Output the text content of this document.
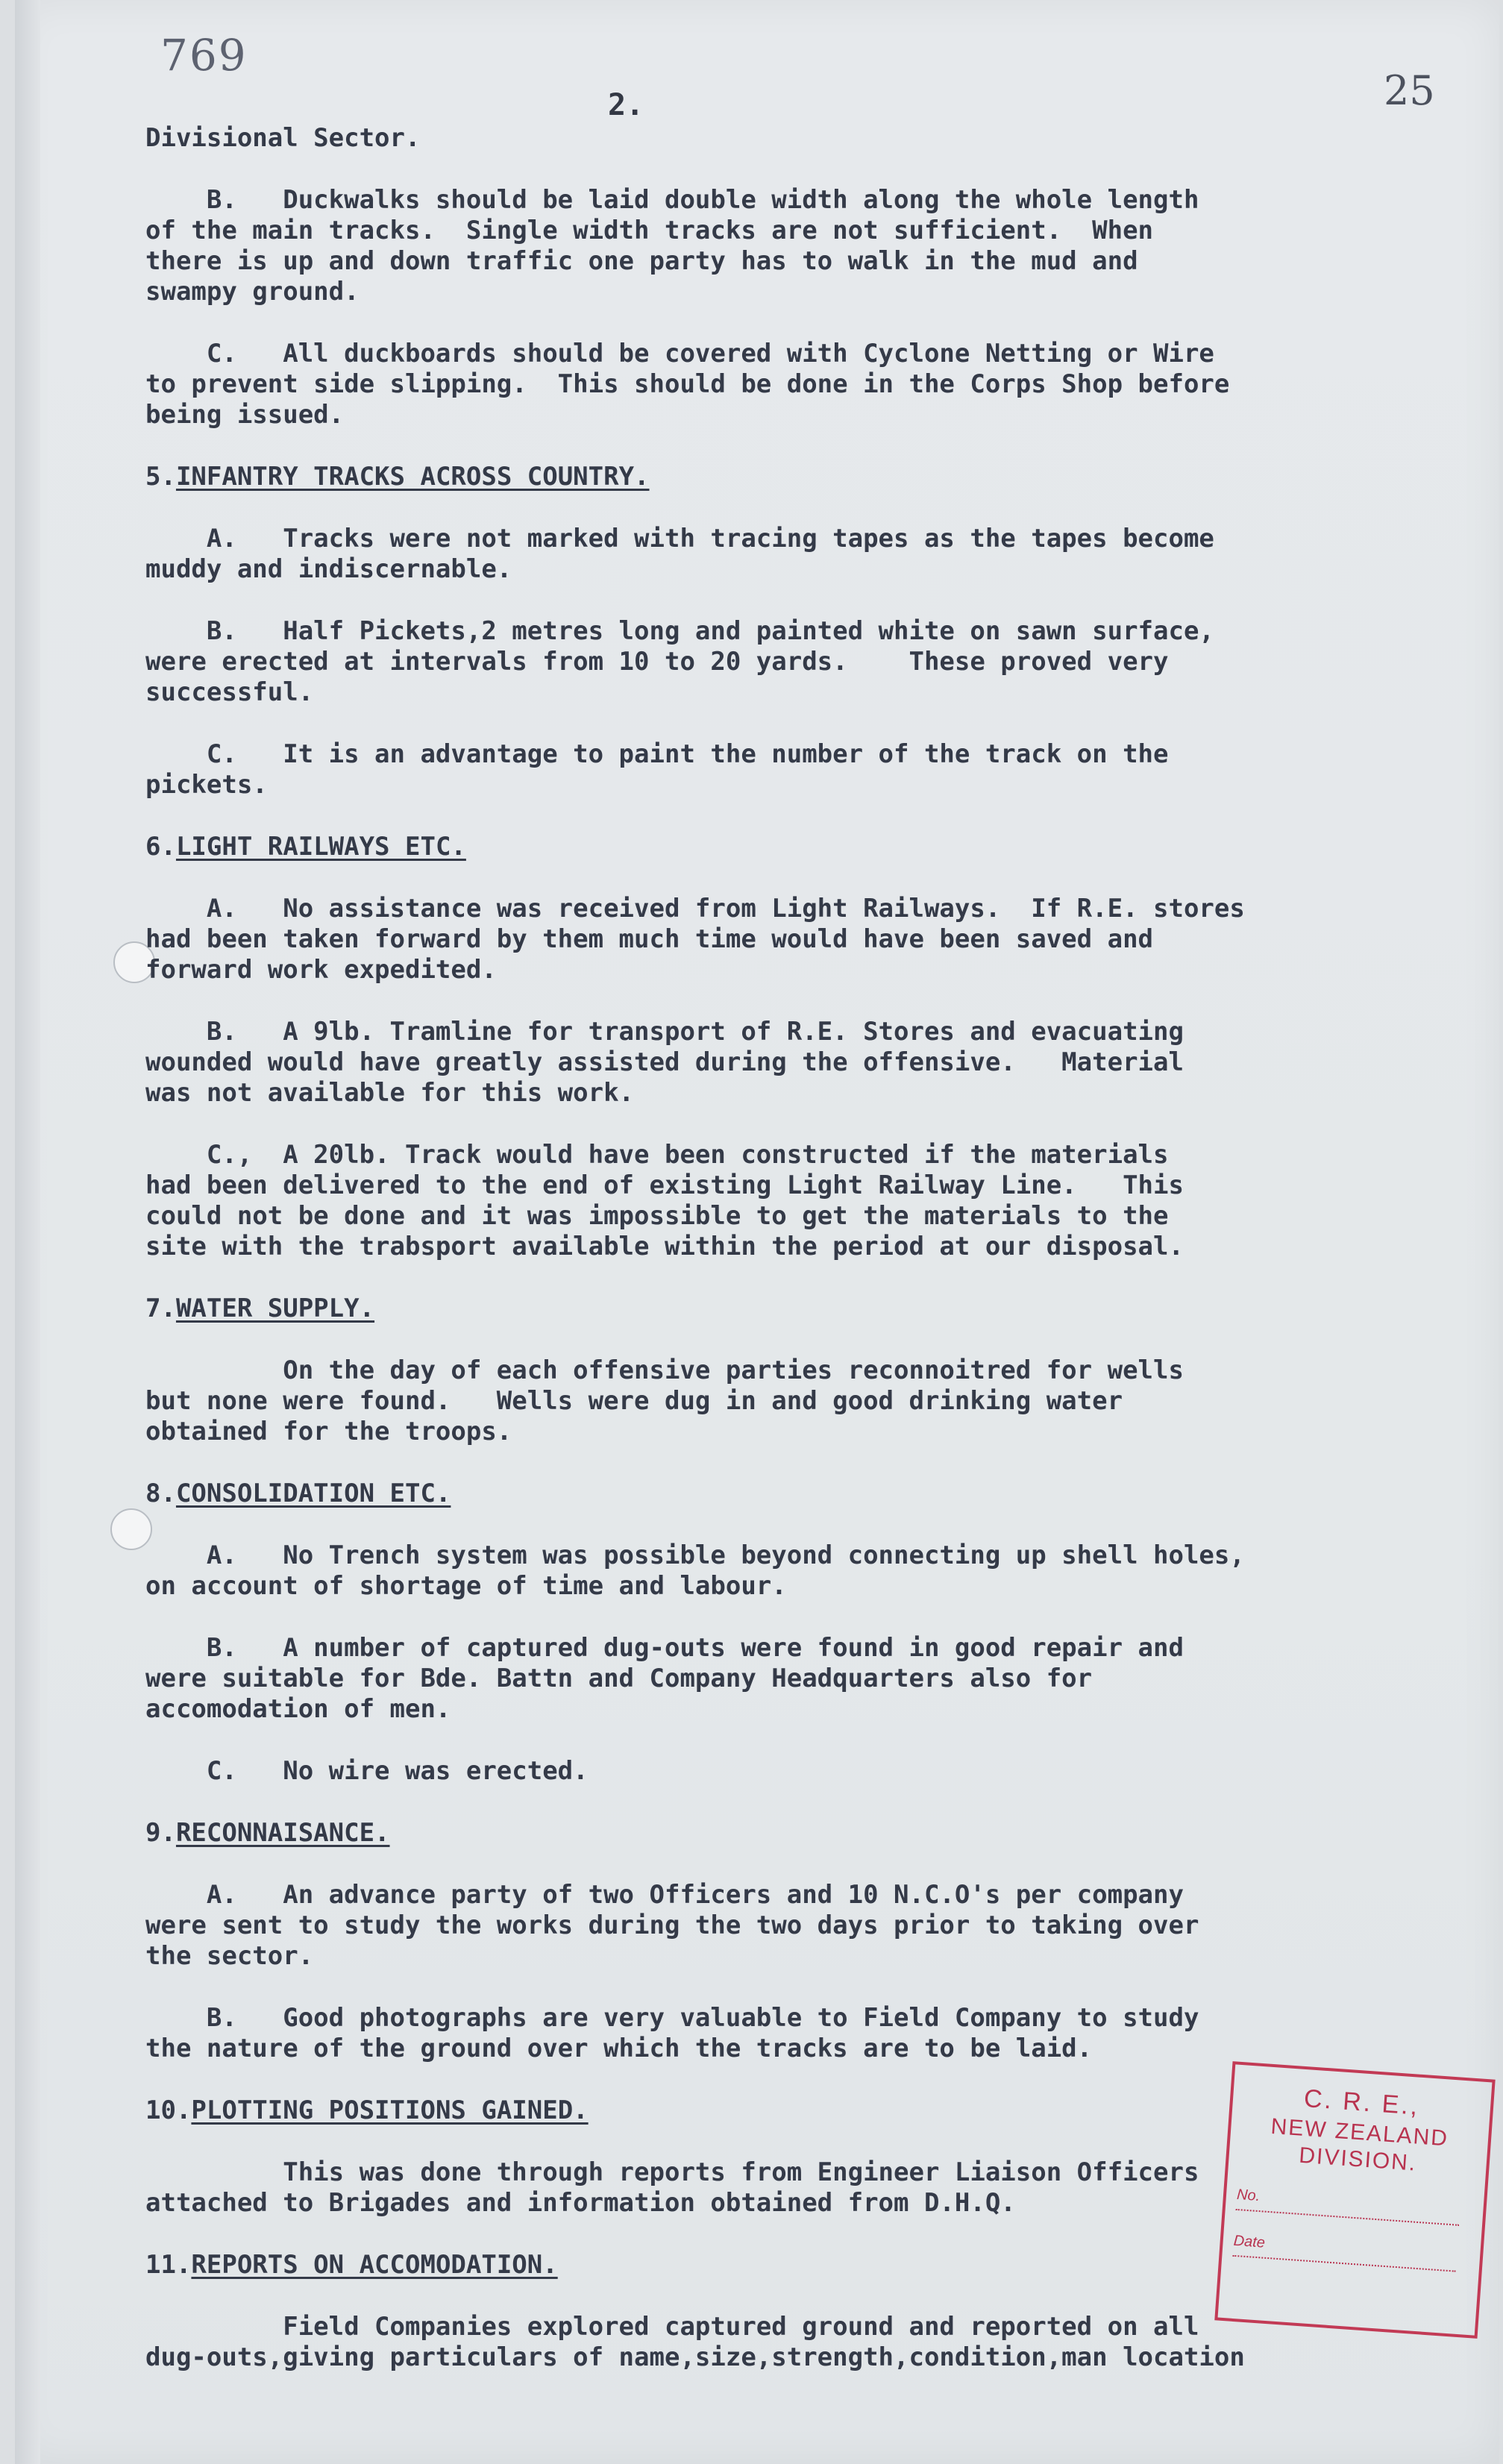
769
25
2.
Divisional Sector.
B.   Duckwalks should be laid double width along the whole length
of the main tracks.  Single width tracks are not sufficient.  When
there is up and down traffic one party has to walk in the mud and
swampy ground.
C.   All duckboards should be covered with Cyclone Netting or Wire
to prevent side slipping.  This should be done in the Corps Shop before
being issued.
5.INFANTRY TRACKS ACROSS COUNTRY.
A.   Tracks were not marked with tracing tapes as the tapes become
muddy and indiscernable.
B.   Half Pickets,2 metres long and painted white on sawn surface,
were erected at intervals from 10 to 20 yards.    These proved very
successful.
C.   It is an advantage to paint the number of the track on the
pickets.
6.LIGHT RAILWAYS ETC.
A.   No assistance was received from Light Railways.  If R.E. stores
had been taken forward by them much time would have been saved and
forward work expedited.
B.   A 9lb. Tramline for transport of R.E. Stores and evacuating
wounded would have greatly assisted during the offensive.   Material
was not available for this work.
C.,  A 20lb. Track would have been constructed if the materials
had been delivered to the end of existing Light Railway Line.   This
could not be done and it was impossible to get the materials to the
site with the trabsport available within the period at our disposal.
7.WATER SUPPLY.
On the day of each offensive parties reconnoitred for wells
but none were found.   Wells were dug in and good drinking water
obtained for the troops.
8.CONSOLIDATION ETC.
A.   No Trench system was possible beyond connecting up shell holes,
on account of shortage of time and labour.
B.   A number of captured dug-outs were found in good repair and
were suitable for Bde. Battn and Company Headquarters also for
accomodation of men.
C.   No wire was erected.
9.RECONNAISANCE.
A.   An advance party of two Officers and 10 N.C.O's per company
were sent to study the works during the two days prior to taking over
the sector.
B.   Good photographs are very valuable to Field Company to study
the nature of the ground over which the tracks are to be laid.
10.PLOTTING POSITIONS GAINED.
This was done through reports from Engineer Liaison Officers
attached to Brigades and information obtained from D.H.Q.
11.REPORTS ON ACCOMODATION.
Field Companies explored captured ground and reported on all
dug-outs,giving particulars of name,size,strength,condition,man location
C. R. E.,
NEW ZEALAND
DIVISION.
No.
Date
